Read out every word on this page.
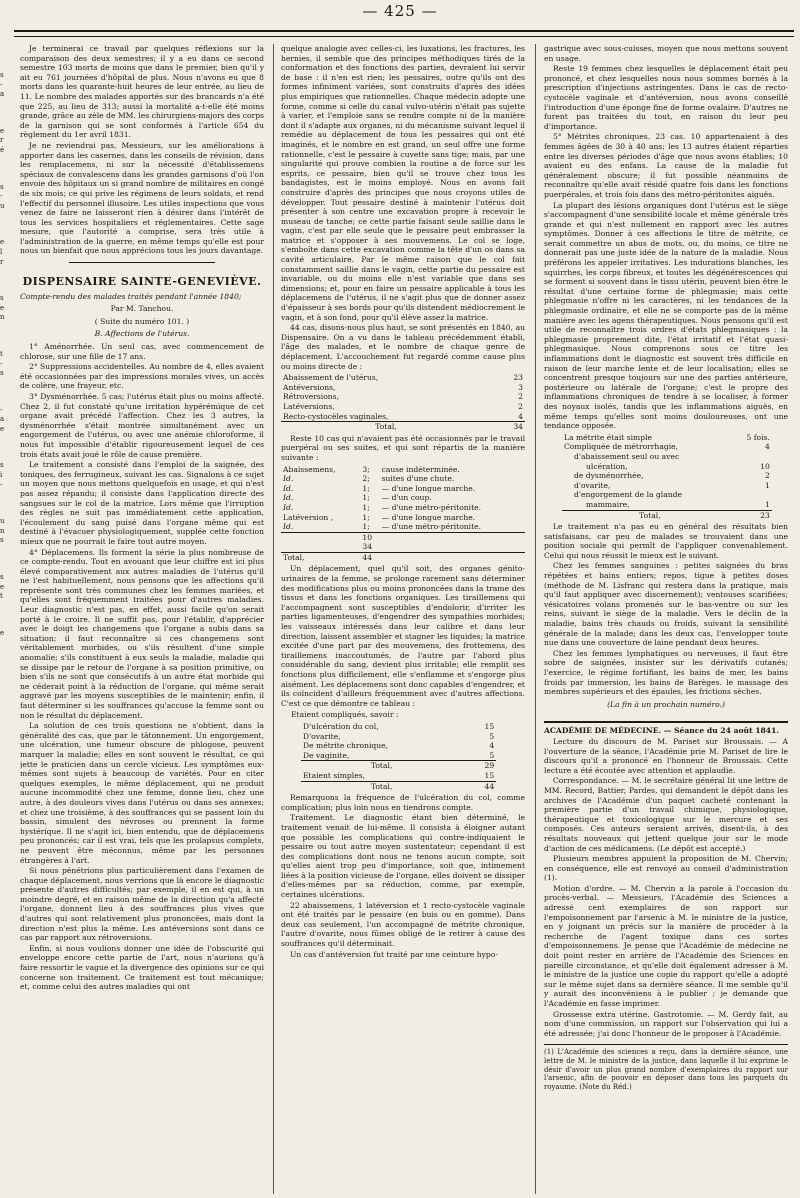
— 425 —
s
-
a
e
r
é
s
-
u
e
l
r
s
e
n
t
-
s
-
a
e
s
i
-
u
n
s
s
e
t
e

Je terminerai ce travail par quelques réflexions sur la comparaison des deux semestres; il y a eu dans ce second semestre 103 morts de moins que dans le premier, bien qu'il y ait eu 761 journées d'hôpital de plus. Nous n'avons eu que 8 morts dans les quarante-huit heures de leur entrée, au lieu de 11. Le nombre des malades apportés sur des brancards n'a été que 225, au lieu de 313; aussi la mortalité a-t-elle été moins grande, grâce au zèle de MM. les chirurgiens-majors des corps de la garnison qui se sont conformés à l'article 654 du règlement du 1er avril 1831.

Je ne reviendrai pas, Messieurs, sur les améliorations à apporter dans les casernes, dans les conseils de révision, dans les remplacemens, ni sur la nécessité d'établissemens spéciaux de convalescens dans les grandes garnisons d'où l'on envoie des hôpitaux un si grand nombre de militaires en congé de six mois; ce qui prive les régimens de leurs soldats, et rend l'effectif du personnel illusoire. Les utiles inspections que vous venez de faire ne laisseront rien à désirer dans l'intérêt de tous les services hospitaliers et réglementaires. Cette sage mesure, que l'autorité a comprise, sera très utile à l'administration de la guerre, en même temps qu'elle est pour nous un bienfait que nous apprécions tous les jours davantage.

DISPENSAIRE SAINTE-GENEVIÈVE.

Compte-rendu des malades traités pendant l'année 1840;

Par M. Tanchou.
( Suite du numéro 101. )
B. Affections de l'utérus.

1° Aménorrhée. Un seul cas, avec commencement de chlorose, sur une fille de 17 ans.

2° Suppressions accidentelles. Au nombre de 4, elles avaient été occasionnées par des impressions morales vives, un accès de colère, une frayeur, etc.

3° Dysménorrhée. 5 cas; l'utérus était plus ou moins affecté. Chez 2, il fut constaté qu'une irritation hypérémique de cet organe avait précédé l'affection. Chez les 3 autres, la dysménorrhée s'était montrée simultanément avec un engorgement de l'utérus, ou avec une anémie chloroforme, il nous fut impossible d'établir rigoureusement lequel de ces trois états avait joué le rôle de cause première.

Le traitement a consisté dans l'emploi de la saignée, des toniques, des ferrugineux, suivant les cas. Signalons à ce sujet un moyen que nous mettons quelquefois en usage, et qui n'est pas assez répandu; il consiste dans l'application directe des sangsues sur le col de la matrice. Lors même que l'irruption des règles ne suit pas immédiatement cette application, l'écoulement du sang puisé dans l'organe même qui est destiné à l'évacuer physiologiquement, supplée cette fonction mieux que ne pourrait le faire tout autre moyen.

4° Déplacemens. Ils forment la série la plus nombreuse de ce compte-rendu. Tout en avouant que leur chiffre est ici plus élevé comparativement aux autres maladies de l'utérus qu'il ne l'est habituellement, nous pensons que les affections qu'il représente sont très communes chez les femmes mariées, et qu'elles sont fréquemment traitées pour d'autres maladies. Leur diagnostic n'est pas, en effet, aussi facile qu'on serait porté à le croire. Il ne suffit pas, pour l'établir, d'apprécier avec le doigt les changemens que l'organe a subis dans sa situation; il faut reconnaître si ces changemens sont véritablement morbides, ou s'ils résultent d'une simple anomalie; s'ils constituent à eux seuls la maladie, maladie qui se dissipe par le retour de l'organe à sa position primitive, ou bien s'ils ne sont que consécutifs à un autre état morbide qui ne céderait point à la réduction de l'organe, qui même serait aggravé par les moyens susceptibles de le maintenir; enfin, il faut déterminer si les souffrances qu'accuse la femme sont ou non le résultat du déplacement.

La solution de ces trois questions ne s'obtient, dans la généralité des cas, que par le tâtonnement. Un engorgement, une ulcération, une tumeur obscure de phlogose, peuvent marquer la maladie; elles en sont souvent le résultat, ce qui jette le praticien dans un cercle vicieux. Les symptômes eux-mêmes sont sujets à beaucoup de variétés. Pour en citer quelques exemples, le même déplacement, qui ne produit aucune incommodité chez une femme, donne lieu, chez une autre, à des douleurs vives dans l'utérus ou dans ses annexes; et chez une troisième, à des souffrances qui se passent loin du bassin, simulent des névroses ou prennent la forme hystérique. Il ne s'agit ici, bien entendu, que de déplacemens peu prononcés; car il est vrai, tels que les prolapsus complets, ne peuvent être méconnus, même par les personnes étrangères à l'art.

Si nous pénétrions plus particulièrement dans l'examen de chaque déplacement, nous verrions que là encore le diagnostic présente d'autres difficultés; par exemple, il en est qui, à un moindre degré, et en raison même de la direction qu'a affecté l'organe, donnent lieu à des souffrances plus vives que d'autres qui sont relativement plus prononcées, mais dont la direction n'est plus la même. Les antéversions sont dans ce cas par rapport aux rétroversions.

Enfin, si nous voulions donner une idée de l'obscurité qui enveloppe encore cette partie de l'art, nous n'aurions qu'à faire ressortir le vague et la divergence des opinions sur ce qui concerne son traitement. Ce traitement est tout mécanique; et, comme celui des autres maladies qui ont

quelque analogie avec celles-ci, les luxations, les fractures, les hernies, il semble que des principes méthodiques tirés de la conformation et des fonctions des parties, devraient lui servir de base : il n'en est rien; les pessaires, outre qu'ils ont des formes infiniment variées, sont construits d'après des idées plus empiriques que rationnelles. Chaque médecin adopte une forme, comme si celle du canal vulvo-utérin n'était pas sujette à varier, et l'emploie sans se rendre compte ni de la manière dont il s'adapte aux organes, ni du mécanisme suivant lequel il remédie au déplacement de tous les pessaires qui ont été imaginés, et le nombre en est grand, un seul offre une forme rationnelle, c'est le pessaire à cuvette sans tige; mais, par une singularité qui prouve combien la routine a de force sur les esprits, ce pessaire, bien qu'il se trouve chez tous les bandagistes, est le moins employé. Nous en avons fait construire d'après des principes que nous croyons utiles de développer. Tout pessaire destiné à maintenir l'utérus doit présenter à son centre une excavation propre à recevoir le museau de tanche; ce cette partie faisant seule saillie dans le vagin, c'est par elle seule que le pessaire peut embrasser la matrice et s'opposer à ses mouvemens. Le col se loge, s'emboîte dans cette excavation comme la tête d'un os dans sa cavité articulaire. Par le même raison que le col fait constamment saillie dans le vagin, cette partie du pessaire est invariable, ou du moins elle n'est variable que dans ses dimensions; et, pour en faire un pessaire applicable à tous les déplacemens de l'utérus, il ne s'agit plus que de donner assez d'épaisseur à ses bords pour qu'ils distendent médiocrement le vagin, et à son fond, pour qu'il élève assez la matrice.

44 cas, disons-nous plus haut, se sont présentés en 1840, au Dispensaire. On a vu dans le tableau précédemment établi, l'âge des malades, et le nombre de chaque genre de déplacement. L'accouchement fut regardé comme cause plus ou moins directe de :

Abaissement de l'utérus,	23
Antéversions,	3
Rétroversions,	2
Latéversions,	2
Recto-cystocèles vaginales,	4
Total,	34

Reste 10 cas qui n'avaient pas été occasionnés par le travail puerpéral ou ses suites, et qui sont répartis de la manière suivante :

Abaissemens,	3;	cause indéterminée.
Id.	2;	suites d'une chute.
Id.	1;	— d'une longue marche.
Id.	1;	— d'un coup.
Id.	1;	— d'une métro-péritonite.
Latéversion ,	1;	— d'une longue marche.
Id.	1;	— d'une métro-péritonite.
	10	
	34	
Total,	44	

Un déplacement, quel qu'il soit, des organes génito-urinaires de la femme, se prolonge rarement sans déterminer des modifications plus ou moins prononcées dans la trame des tissus et dans les fonctions organiques. Les tiraillemens qui l'accompagnent sont susceptibles d'endolorir, d'irriter les parties ligamenteuses, d'engendrer des sympathies morbides; les vaisseaux intéressés dans leur calibre et dans leur direction, laissent assembler et stagner les liquides; la matrice excitée d'une part par des mouvemens, des frottemens, des tiraillemens inaccoutumés, de l'autre par l'abord plus considérable du sang, devient plus irritable; elle remplit ses fonctions plus difficilement, elle s'enflamme et s'engorge plus aisément. Les déplacemens sont donc capables d'engendrer, et ils coïncident d'ailleurs fréquemment avec d'autres affections. C'est ce que démontre ce tableau :

Etaient compliqués, savoir :
D'ulcération du col,	15
D'ovarite,	5
De métrite chronique,	4
De vaginite,	5
Total,	29
Etaient simples,	15
Total,	44

Remarquons la fréquence de l'ulcération du col, comme complication; plus loin nous en tiendrons compte.

Traitement. Le diagnostic étant bien déterminé, le traitement venait de lui-même. Il consista à éloigner autant que possible les complications qui contre-indiquaient le pessaire ou tout autre moyen sustentateur; cependant il est des complications dont nous ne tenons aucun compte, soit qu'elles aient trop peu d'importance, soit que, intimement liées à la position vicieuse de l'organe, elles doivent se dissiper d'elles-mêmes par sa réduction, comme, par exemple, certaines ulcérations.

22 abaissemens, 1 latéversion et 1 recto-cystocèle vaginale ont été traités par le pessaire (en buis ou en gomme). Dans deux cas seulement, l'un accompagné de métrite chronique, l'autre d'ovarite, nous fûmes obligé de le retirer à cause des souffrances qu'il déterminait.

Un cas d'antéversion fut traité par une ceinture hypo-

gastrique avec sous-cuisses, moyen que nous mettons souvent en usage.

Reste 19 femmes chez lesquelles le déplacement était peu prononcé, et chez lesquelles nous nous sommes bornés à la prescription d'injections astringentes. Dans le cas de recto-cystocèle vaginale et d'antéversion, nous avons conseillé l'introduction d'une éponge fine de forme ovalaire. D'autres ne furent pas traitées du tout, en raison du leur peu d'importance.

5° Métrites chroniques. 23 cas. 10 appartenaient à des femmes âgées de 30 à 40 ans; les 13 autres étaient réparties entre les diverses périodes d'âge que nous avons établies; 10 avaient eu des enfans. La cause de la maladie fut généralement obscure; il fut possible néanmoins de reconnaître qu'elle avait résidé quatre fois dans les fonctions puerpérales, et trois fois dans des métro-péritonites aiguës.

La plupart des lésions organiques dont l'utérus est le siège s'accompagnent d'une sensibilité locale et même générale très grande et qui n'est nullement en rapport avec les autres symptômes. Donner à ces affections le titre de métrite, ce serait commettre un abus de mots, ou, du moins, ce titre ne donnerait pas une juste idée de la nature de la maladie. Nous préférons les appeler irritatives. Les indurations blanches, les squirrhes, les corps fibreux, et toutes les dégénérescences qui se forment si souvent dans le tissu utérin, peuvent bien être le résultat d'une certaine forme de phlegmasie; mais cette phlegmasie n'offre ni les caractères, ni les tendances de la phlegmasie ordinaire, et elle ne se comporte pas de la même manière avec les agens thérapeutiques. Nous pensons qu'il est utile de reconnaître trois ordres d'états phlegmasiques : la phlegmasie proprement dite, l'état irritatif et l'état quasi-phlegmasique. Nous comprenons sous ce titre les inflammations dont le diagnostic est souvent très difficile en raison de leur marche lente et de leur localisation; elles se concentrent presque toujours sur une des parties antérieure, postérieure ou latérale de l'organe; c'est le propre des inflammations chroniques de tendre à se localiser, à former des noyaux isolés, tandis que les inflammations aiguës, en même temps qu'elles sont moins douloureuses, ont une tendance opposée.

La métrite était simple	5 fois.
Compliquée de métrorrhagie,	4
d'abaissement seul ou avec	
ulcération,	10
de dysménorrhée,	2
d'ovarite,	1
d'engorgement de la glande	
mammaire,	1
Total,	23

Le traitement n'a pas eu en général des résultats bien satisfaisans, car peu de malades se trouvaient dans une position sociale qui permît de l'appliquer convenablement. Celui qui nous réussit le mieux est le suivant.

Chez les femmes sanguines : petites saignées du bras répétées et bains entiers; repos, tigue à petites doses (méthode de M. Lisfranc qui restera dans la pratique, mais qu'il faut appliquer avec discernement); ventouses scarifiées; vésicatoires volans promenés sur le bas-ventre ou sur les reins, suivant le siège de la maladie. Vers le déclin de la maladie, bains très chauds ou froids, suivant la sensibilité générale de la malade; dans les deux cas, l'envelopper toute nue dans une couverture de laine pendant deux heures.

Chez les femmes lymphatiques ou nerveuses, il faut être sobre de saignées, insister sur les dérivatifs cutanés; l'exercice, le régime fortifiant, les bains de mer, les bains froids par immersion, les bains de Barèges. le massage des membres supérieurs et des épaules, les frictions sèches.

(La fin à un prochain numéro.)

ACADÉMIE DE MÉDECINE. — Séance du 24 août 1841.

Lecture du discours de M. Pariset sur Broussais. — A l'ouverture de la séance, l'Académie prie M. Pariset de lire le discours qu'il a prononcé en l'honneur de Broussais. Cette lecture a été écoutée avec attention et applaudie.

Correspondance. — M. le secrétaire général lit une lettre de MM. Record, Battier, Pardes, qui demandent le dépôt dans les archives de l'Académie d'un paquet cacheté contenant la première partie d'un travail chimique, physiologique, thérapeutique et toxicologique sur le mercure et ses composés. Ces auteurs seraient arrivés, disent-ils, à des résultats nouveaux qui jettent quelque jour sur le mode d'action de ces médicamens. (Le dépôt est accepté.)

Plusieurs membres appuient la proposition de M. Chervin; en conséquence, elle est renvoyé au conseil d'administration (1).

Motion d'ordre. — M. Chervin a la parole à l'occasion du procès-verbal. — Messieurs, l'Académie des Sciences a adressé cent exemplaires de son rapport sur l'empoisonnement par l'arsenic à M. le ministre de la justice, en y joignant un précis sur la manière de procéder à la recherche de l'agent toxique dans ces sortes d'empoisonnemens. Je pense que l'Académie de médecine ne doit point rester en arrière de l'Académie des Sciences en pareille circonstance, et qu'elle doit également adresser à M. le ministre de la justice une copie du rapport qu'elle a adopté sur le même sujet dans sa dernière séance. Il me semble qu'il y aurait des inconvéniens à le publier ; je demande que l'Académie en fasse imprimer.

Grossesse extra utérine. Gastrotomie. — M. Gerdy fait, au nom d'une commission, un rapport sur l'observation qui lui a été adressée; j'ai donc l'honneur de le proposer à l'Académie.

(1) L'Académie des sciences a reçu, dans la dernière séance, une lettre de M. le ministre de la justice, dans laquelle il lui exprime le désir d'avoir un plus grand nombre d'exemplaires du rapport sur l'arsenic, afin de pouvoir en déposer dans tous les parquets du royaume. (Note du Réd.)
